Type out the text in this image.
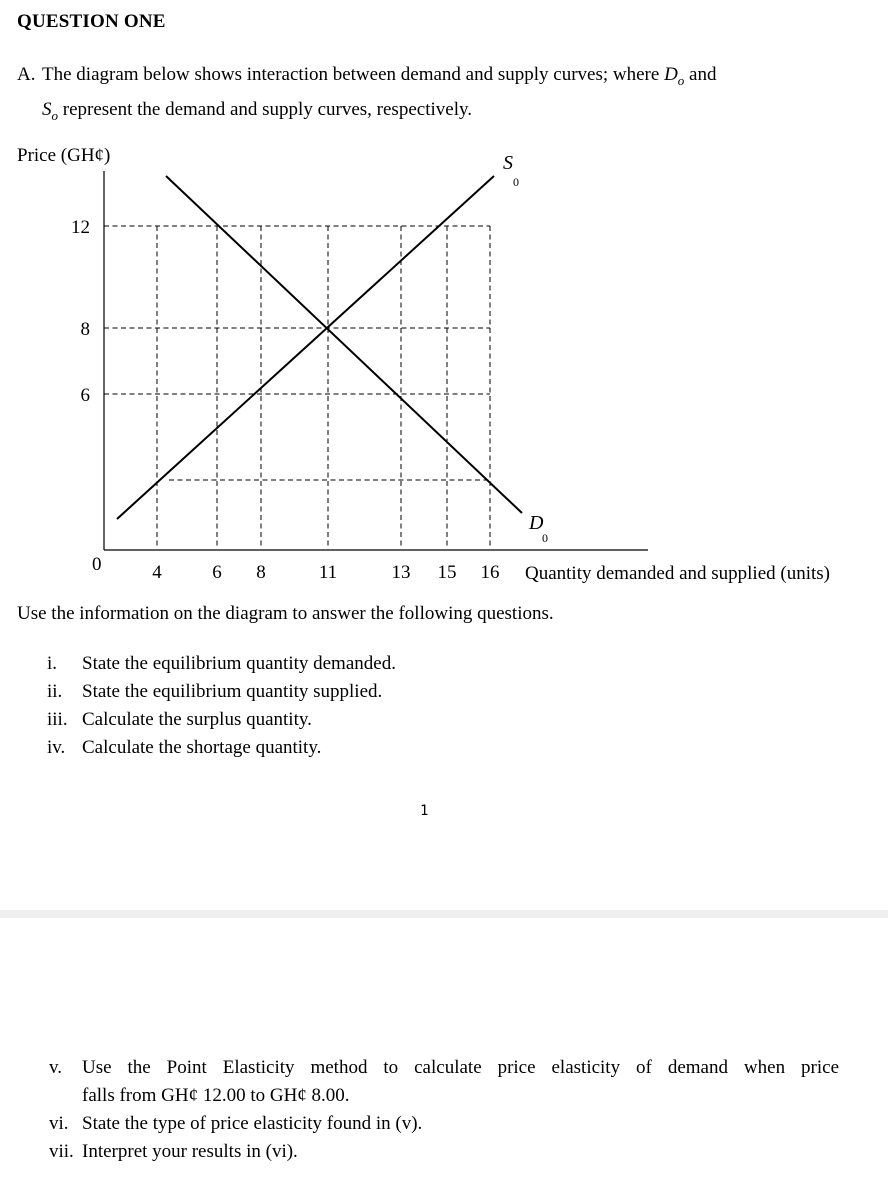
QUESTION ONE
A. The diagram below shows interaction between demand and supply curves; where $D_o$ and
$S_o$ represent the demand and supply curves, respectively.
Price (GH¢)
Quantity demanded and supplied (units)
0	4	6 8	11	13 15 16
12
8
6
S
0
D
0
Use the information on the diagram to answer the following questions.
i.	State the equilibrium quantity demanded.
ii.	State the equilibrium quantity supplied.
iii. Calculate the surplus quantity.
iv. Calculate the shortage quantity.
1
v.	Use the Point Elasticity method to calculate price elasticity of demand when price
falls from GH¢ 12.00 to GH¢ 8.00.
vi. State the type of price elasticity found in (v).
vii. Interpret your results in (vi).
